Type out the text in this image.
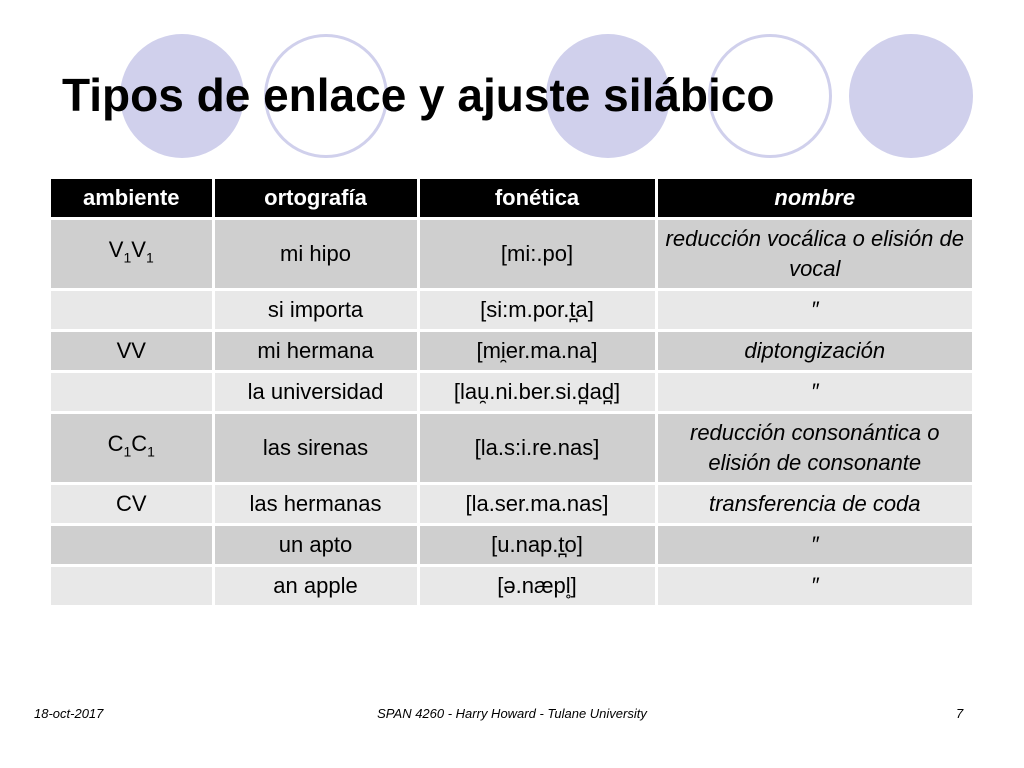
Tipos de enlace y ajuste silábico
ambiente	ortografía	fonética	nombre
$V_1V_1$	mi hipo	[mi:.po]	reducción vocálica o elisión de vocal
	si importa	[si:m.por.t̪a]	″
VV	mi hermana	[mi̯er.ma.na]	diptongización
	la universidad	[lau̯.ni.ber.si.d̪ad̪]	″
$C_1C_1$	las sirenas	[la.s:i.re.nas]	reducción consonántica o elisión de consonante
CV	las hermanas	[la.ser.ma.nas]	transferencia de coda
	un apto	[u.nap.t̪o]	″
	an apple	[ə.næpl̥]	″
18-oct-2017	SPAN 4260 - Harry Howard - Tulane University	7
